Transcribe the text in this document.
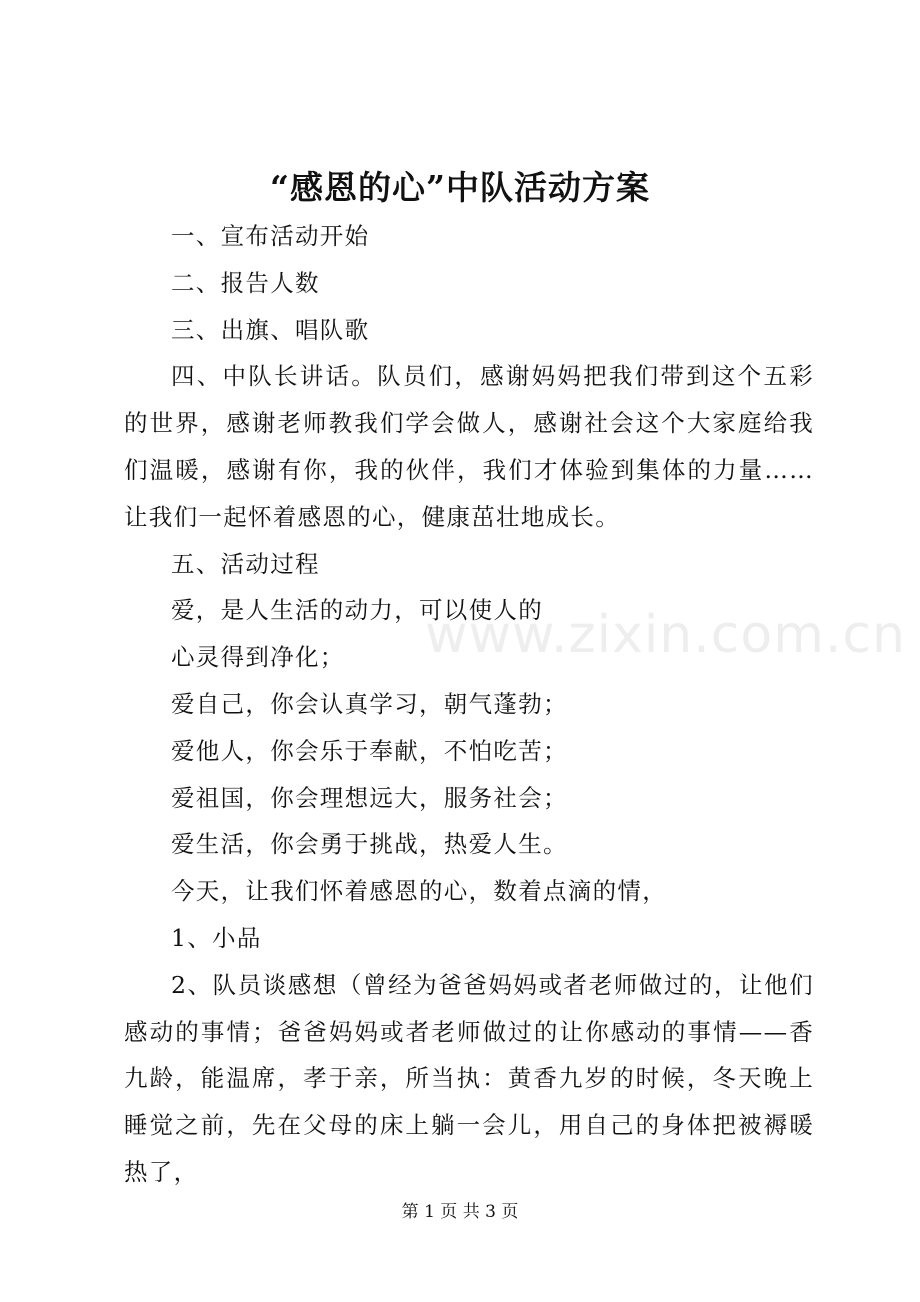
“感恩的心”中队活动方案

一、宣布活动开始

二、报告人数

三、出旗、唱队歌

四、中队长讲话。队员们，感谢妈妈把我们带到这个五彩的世界，感谢老师教我们学会做人，感谢社会这个大家庭给我们温暖，感谢有你，我的伙伴，我们才体验到集体的力量……让我们一起怀着感恩的心，健康茁壮地成长。

五、活动过程

爱，是人生活的动力，可以使人的

心灵得到净化；

爱自己，你会认真学习，朝气蓬勃；

爱他人，你会乐于奉献，不怕吃苦；

爱祖国，你会理想远大，服务社会；

爱生活，你会勇于挑战，热爱人生。

今天，让我们怀着感恩的心，数着点滴的情，

1、小品

2、队员谈感想（曾经为爸爸妈妈或者老师做过的，让他们感动的事情；爸爸妈妈或者老师做过的让你感动的事情——香九龄，能温席，孝于亲，所当执：黄香九岁的时候，冬天晚上睡觉之前，先在父母的床上躺一会儿，用自己的身体把被褥暖热了，

www.zixin.com.cn
第 1 页 共 3 页
